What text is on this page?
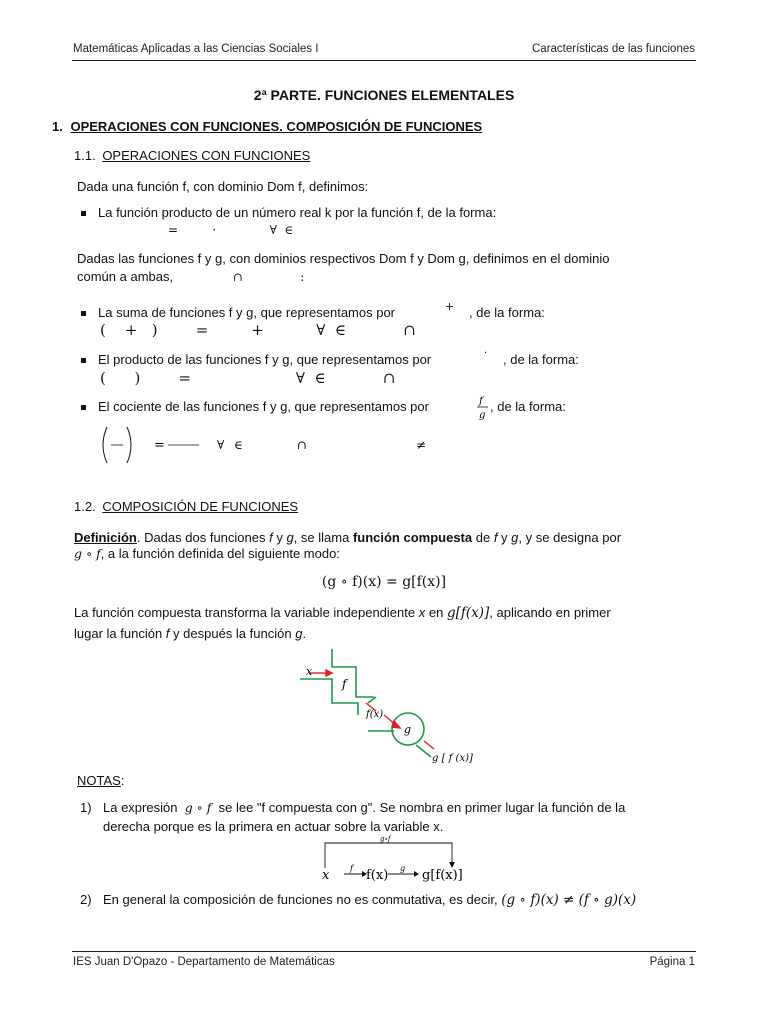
Matemáticas Aplicadas a las Ciencias Sociales I	Características de las funciones
2ª PARTE. FUNCIONES ELEMENTALES
1. OPERACIONES CON FUNCIONES. COMPOSICIÓN DE FUNCIONES
1.1. OPERACIONES CON FUNCIONES
Dada una función f, con dominio Dom f, definimos:
La función producto de un número real k por la función f, de la forma:
=         ·              ∀  ∈
Dadas las funciones f y g, con dominios respectivos Dom f y Dom g, definimos en el dominio
común a ambas,	∩               :
La suma de funciones f y g, que representamos por	+ , de la forma:
(    +   )        =         +           ∀  ∈            ∩
El producto de las funciones f y g, que representamos por	· , de la forma:
(      )        =                      ∀  ∈            ∩
El cociente de las funciones f y g, que representamos por	f
g
, de la forma:
=	∀ ∈	∩	≠
1.2. COMPOSICIÓN DE FUNCIONES
Definición. Dadas dos funciones f y g, se llama función compuesta de f y g, y se designa por
g ∘ f, a la función definida del siguiente modo:
(g ∘ f)(x) = g[f(x)]
La función compuesta transforma la variable independiente x en g[f(x)], aplicando en primer
lugar la función f y después la función g.
x
f
f(x)
g
g [ f (x)]
NOTAS:
1) La expresión g ∘ f se lee "f compuesta con g". Se nombra en primer lugar la función de la
derecha porque es la primera en actuar sobre la variable x.
g∘f
x	f f(x) g g[f(x)]
2) En general la composición de funciones no es conmutativa, es decir, (g ∘ f)(x) ≠ (f ∘ g)(x)
IES Juan D'Opazo - Departamento de Matemáticas	Página 1
